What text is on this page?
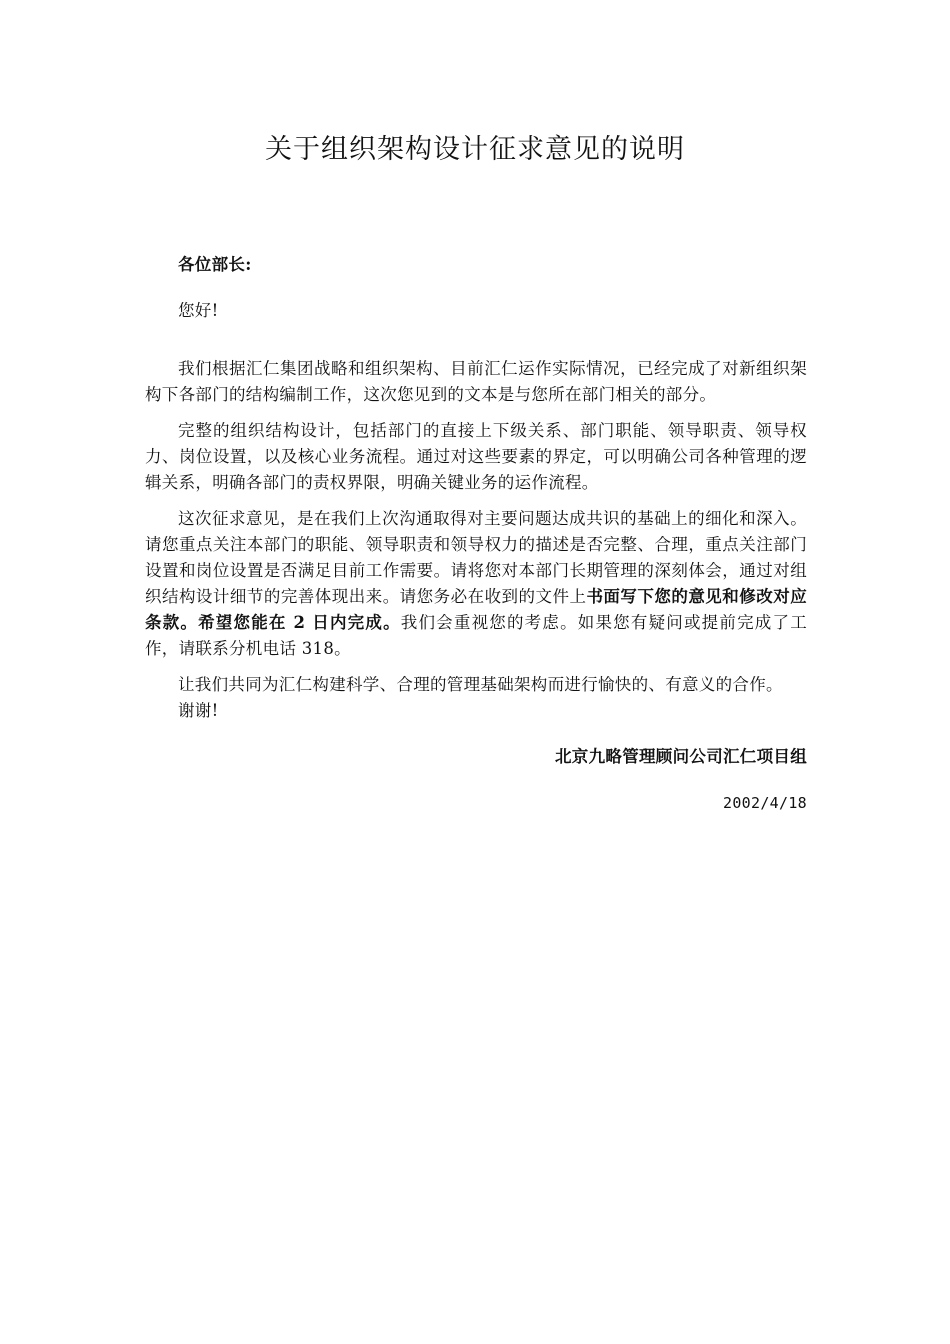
关于组织架构设计征求意见的说明

各位部长:

您好!

我们根据汇仁集团战略和组织架构、目前汇仁运作实际情况，已经完成了对新组织架构下各部门的结构编制工作，这次您见到的文本是与您所在部门相关的部分。

完整的组织结构设计，包括部门的直接上下级关系、部门职能、领导职责、领导权力、岗位设置，以及核心业务流程。通过对这些要素的界定，可以明确公司各种管理的逻辑关系，明确各部门的责权界限，明确关键业务的运作流程。

这次征求意见，是在我们上次沟通取得对主要问题达成共识的基础上的细化和深入。请您重点关注本部门的职能、领导职责和领导权力的描述是否完整、合理，重点关注部门设置和岗位设置是否满足目前工作需要。请将您对本部门长期管理的深刻体会，通过对组织结构设计细节的完善体现出来。请您务必在收到的文件上书面写下您的意见和修改对应条款。希望您能在 2 日内完成。我们会重视您的考虑。如果您有疑问或提前完成了工作，请联系分机电话 318。

让我们共同为汇仁构建科学、合理的管理基础架构而进行愉快的、有意义的合作。

谢谢!

北京九略管理顾问公司汇仁项目组

2002/4/18
